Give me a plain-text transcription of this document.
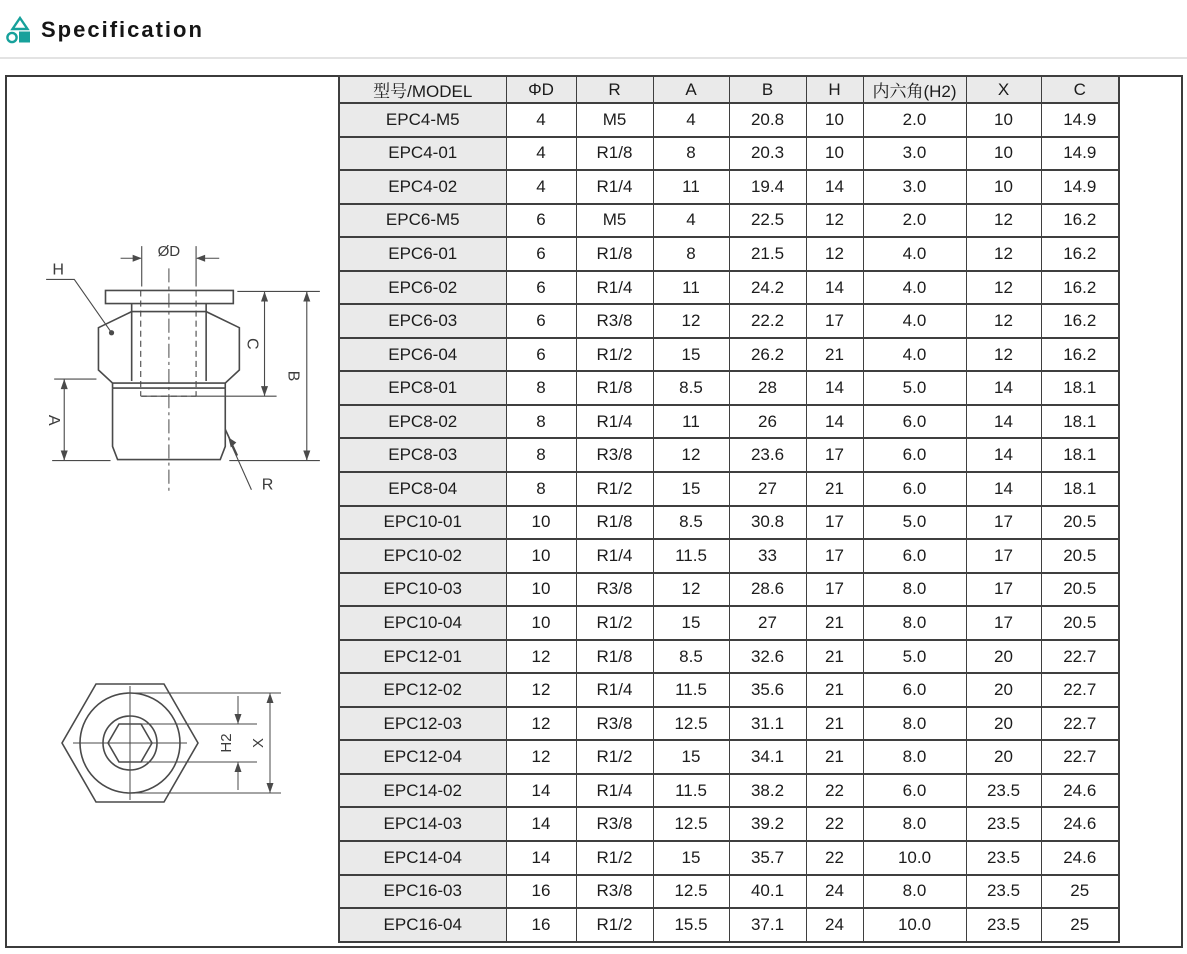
Specification
H
ØD
C
B
A
R
H2 X
型号/MODEL	ΦD	R	A	B	H	内六角(H2)	X	C
EPC4-M5	4	M5	4	20.8	10	2.0	10	14.9
EPC4-01	4	R1/8	8	20.3	10	3.0	10	14.9
EPC4-02	4	R1/4	11	19.4	14	3.0	10	14.9
EPC6-M5	6	M5	4	22.5	12	2.0	12	16.2
EPC6-01	6	R1/8	8	21.5	12	4.0	12	16.2
EPC6-02	6	R1/4	11	24.2	14	4.0	12	16.2
EPC6-03	6	R3/8	12	22.2	17	4.0	12	16.2
EPC6-04	6	R1/2	15	26.2	21	4.0	12	16.2
EPC8-01	8	R1/8	8.5	28	14	5.0	14	18.1
EPC8-02	8	R1/4	11	26	14	6.0	14	18.1
EPC8-03	8	R3/8	12	23.6	17	6.0	14	18.1
EPC8-04	8	R1/2	15	27	21	6.0	14	18.1
EPC10-01	10	R1/8	8.5	30.8	17	5.0	17	20.5
EPC10-02	10	R1/4	11.5	33	17	6.0	17	20.5
EPC10-03	10	R3/8	12	28.6	17	8.0	17	20.5
EPC10-04	10	R1/2	15	27	21	8.0	17	20.5
EPC12-01	12	R1/8	8.5	32.6	21	5.0	20	22.7
EPC12-02	12	R1/4	11.5	35.6	21	6.0	20	22.7
EPC12-03	12	R3/8	12.5	31.1	21	8.0	20	22.7
EPC12-04	12	R1/2	15	34.1	21	8.0	20	22.7
EPC14-02	14	R1/4	11.5	38.2	22	6.0	23.5	24.6
EPC14-03	14	R3/8	12.5	39.2	22	8.0	23.5	24.6
EPC14-04	14	R1/2	15	35.7	22	10.0	23.5	24.6
EPC16-03	16	R3/8	12.5	40.1	24	8.0	23.5	25
EPC16-04	16	R1/2	15.5	37.1	24	10.0	23.5	25
